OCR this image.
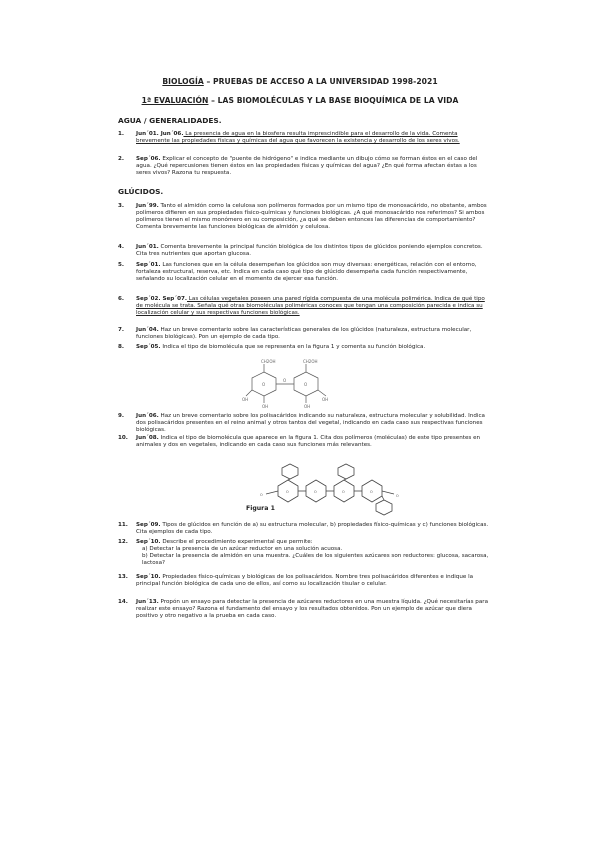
BIOLOGÍA – PRUEBAS DE ACCESO A LA UNIVERSIDAD 1998-2021
1ª EVALUACIÓN – LAS BIOMOLÉCULAS Y LA BASE BIOQUÍMICA DE LA VIDA
AGUA / GENERALIDADES.
1. Jun´01. Jun´06. La presencia de agua en la biosfera resulta imprescindible para el desarrollo de la vida. Comenta brevemente las propiedades físicas y químicas del agua que favorecen la existencia y desarrollo de los seres vivos.
2. Sep´06. Explicar el concepto de "puente de hidrógeno" e indica mediante un dibujo cómo se forman éstos en el caso del agua. ¿Qué repercusiones tienen éstos en las propiedades físicas y químicas del agua? ¿En qué forma afectan éstas a los seres vivos? Razona tu respuesta.
GLÚCIDOS.
3. Jun´99. Tanto el almidón como la celulosa son polímeros formados por un mismo tipo de monosacárido, no obstante, ambos polímeros difieren en sus propiedades físico-químicas y funciones biológicas. ¿A qué monosacárido nos referimos? Si ambos polímeros tienen el mismo monómero en su composición, ¿a qué se deben entonces las diferencias de comportamiento? Comenta brevemente las funciones biológicas de almidón y celulosa.
4. Jun´01. Comenta brevemente la principal función biológica de los distintos tipos de glúcidos poniendo ejemplos concretos. Cita tres nutrientes que aportan glucosa.
5. Sep´01. Las funciones que en la célula desempeñan los glúcidos son muy diversas: energéticas, relación con el entorno, fortaleza estructural, reserva, etc. Indica en cada caso qué tipo de glúcido desempeña cada función respectivamente, señalando su localización celular en el momento de ejercer esa función.
6. Sep´02. Sep´07. Las células vegetales poseen una pared rígida compuesta de una molécula polimérica. Indica de qué tipo de molécula se trata. Señala qué otras biomoléculas poliméricas conoces que tengan una composición parecida e indica su localización celular y sus respectivas funciones biológicas.
7. Jun´04. Haz un breve comentario sobre las características generales de los glúcidos (naturaleza, estructura molecular, funciones biológicas). Pon un ejemplo de cada tipo.
8. Sep´05. Indica el tipo de biomolécula que se representa en la figura 1 y comenta su función biológica.
CH2OH	CH2OH
O
O	O
OH	OH
OH	OH
9. Jun´06. Haz un breve comentario sobre los polisacáridos indicando su naturaleza, estructura molecular y solubilidad. Indica dos polisacáridos presentes en el reino animal y otros tantos del vegetal, indicando en cada caso sus respectivas funciones biológicas.
10. Jun´08. Indica el tipo de biomolécula que aparece en la figura 1. Cita dos polímeros (moléculas) de este tipo presentes en animales y dos en vegetales, indicando en cada caso sus funciones más relevantes.
O	O	O	O
O	O
Figura 1
11. Sep´09. Tipos de glúcidos en función de a) su estructura molecular, b) propiedades físico-químicas y c) funciones biológicas. Cita ejemplos de cada tipo.
12. Sep´10. Describe el procedimiento experimental que permite:
a) Detectar la presencia de un azúcar reductor en una solución acuosa.
b) Detectar la presencia de almidón en una muestra. ¿Cuáles de los siguientes azúcares son reductores: glucosa, sacarosa, lactosa?
13. Sep´10. Propiedades físico-químicas y biológicas de los polisacáridos. Nombre tres polisacáridos diferentes e indique la principal función biológica de cada uno de ellos, así como su localización tisular o celular.
14. Jun´13. Propón un ensayo para detectar la presencia de azúcares reductores en una muestra líquida. ¿Qué necesitarías para realizar este ensayo? Razona el fundamento del ensayo y los resultados obtenidos. Pon un ejemplo de azúcar que diera positivo y otro negativo a la prueba en cada caso.
